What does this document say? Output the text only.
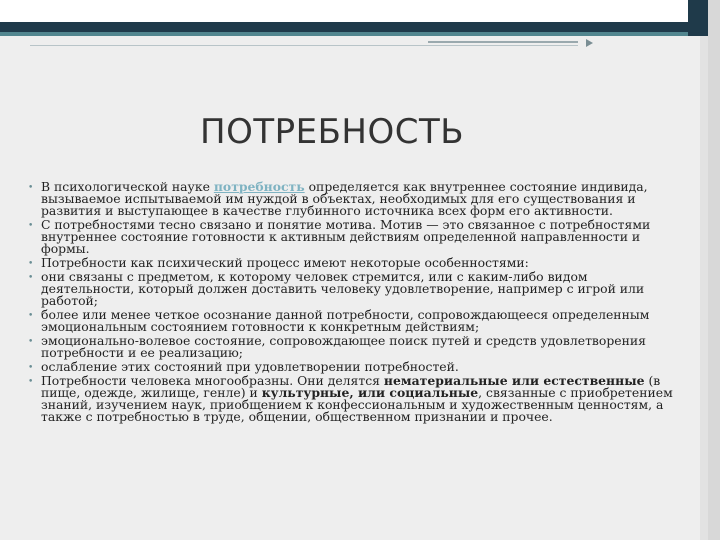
ПОТРЕБНОСТЬ
• В психологической науке потребность определяется как внутреннее состояние индивида, вызываемое испытываемой им нуждой в объектах, необходимых для его существования и развития и выступающее в качестве глубинного источника всех форм его активности.
• С потребностями тесно связано и понятие мотива. Мотив — это связанное с потребностями внутреннее состояние готовности к активным действиям определенной направленности и формы.
• Потребности как психический процесс имеют некоторые особенностями:
• они связаны с предметом, к которому человек стремится, или с каким-либо видом деятельности, который должен доставить человеку удовлетворение, например с игрой или работой;
• более или менее четкое осознание данной потребности, сопровождающееся определенным эмоциональным состоянием готовности к конкретным действиям;
• эмоционально-волевое состояние, сопровождающее поиск путей и средств удовлетворения потребности и ее реализацию;
• ослабление этих состояний при удовлетворении потребностей.
• Потребности человека многообразны. Они делятся нематериальные или естественные (в пище, одежде, жилище, генле) и культурные, или социальные, связанные с приобретением знаний, изучением наук, приобщением к конфессиональным и художественным ценностям, а также с потребностью в труде, общении, общественном признании и прочее.
